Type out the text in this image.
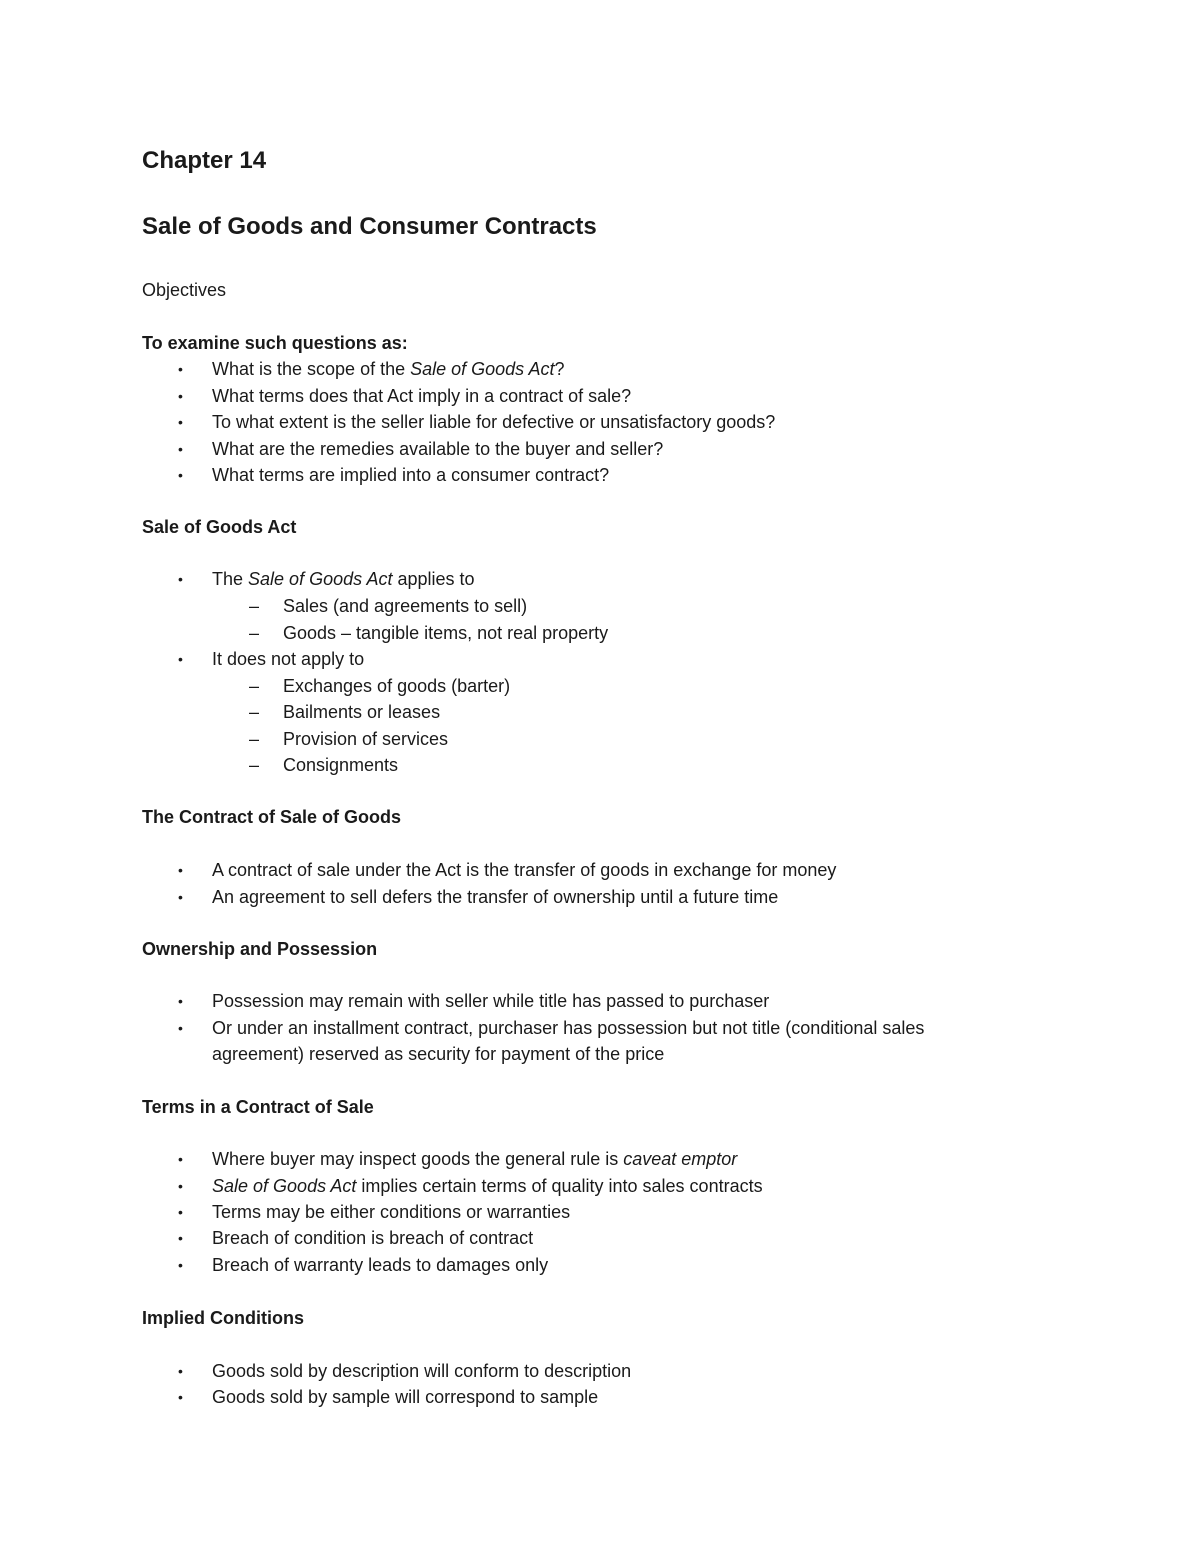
Chapter 14
Sale of Goods and Consumer Contracts
Objectives
To examine such questions as:
• What is the scope of the Sale of Goods Act?
• What terms does that Act imply in a contract of sale?
• To what extent is the seller liable for defective or unsatisfactory goods?
• What are the remedies available to the buyer and seller?
• What terms are implied into a consumer contract?
Sale of Goods Act
• The Sale of Goods Act applies to
– Sales (and agreements to sell)
– Goods – tangible items, not real property
• It does not apply to
– Exchanges of goods (barter)
– Bailments or leases
– Provision of services
– Consignments
The Contract of Sale of Goods
• A contract of sale under the Act is the transfer of goods in exchange for money
• An agreement to sell defers the transfer of ownership until a future time
Ownership and Possession
• Possession may remain with seller while title has passed to purchaser
• Or under an installment contract, purchaser has possession but not title (conditional sales
agreement) reserved as security for payment of the price
Terms in a Contract of Sale
• Where buyer may inspect goods the general rule is caveat emptor
• Sale of Goods Act implies certain terms of quality into sales contracts
• Terms may be either conditions or warranties
• Breach of condition is breach of contract
• Breach of warranty leads to damages only
Implied Conditions
• Goods sold by description will conform to description
• Goods sold by sample will correspond to sample
